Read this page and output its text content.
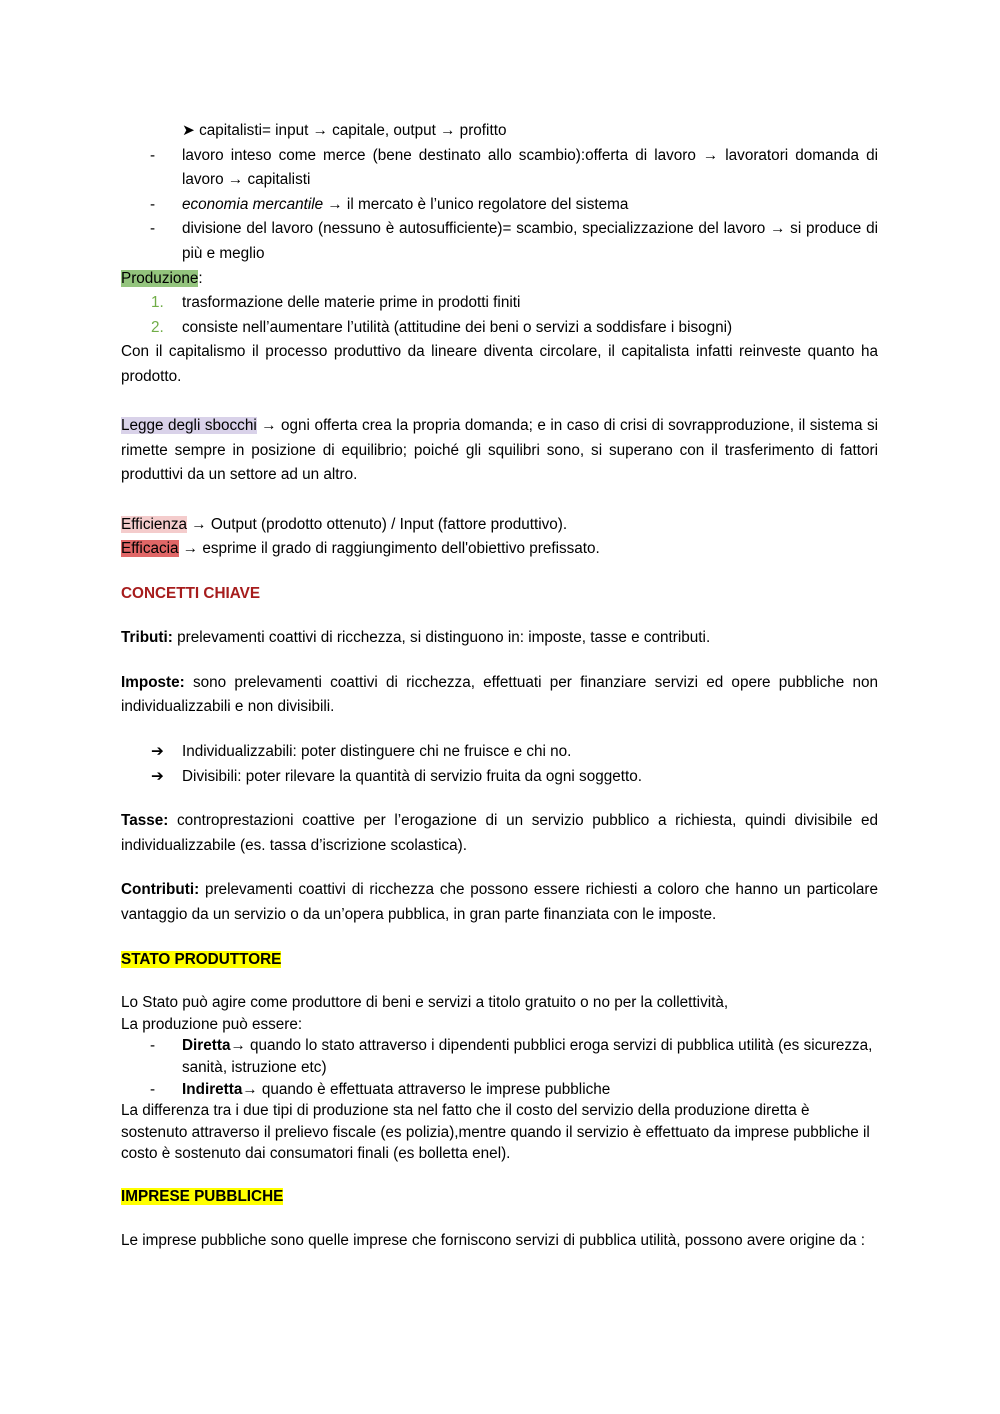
➤ capitalisti= input → capitale, output → profitto

- lavoro inteso come merce (bene destinato allo scambio):offerta di lavoro → lavoratori domanda di lavoro → capitalisti

- economia mercantile → il mercato è l’unico regolatore del sistema

- divisione del lavoro (nessuno è autosufficiente)= scambio, specializzazione del lavoro → si produce di più e meglio

Produzione:

1. trasformazione delle materie prime in prodotti finiti

2. consiste nell’aumentare l’utilità (attitudine dei beni o servizi a soddisfare i bisogni)

Con il capitalismo il processo produttivo da lineare diventa circolare, il capitalista infatti reinveste quanto ha prodotto.

Legge degli sbocchi → ogni offerta crea la propria domanda; e in caso di crisi di sovrapproduzione, il sistema si rimette sempre in posizione di equilibrio; poiché gli squilibri sono, si superano con il trasferimento di fattori produttivi da un settore ad un altro.

Efficienza → Output (prodotto ottenuto) / Input (fattore produttivo).

Efficacia → esprime il grado di raggiungimento dell'obiettivo prefissato.

CONCETTI CHIAVE

Tributi: prelevamenti coattivi di ricchezza, si distinguono in: imposte, tasse e contributi.

Imposte: sono prelevamenti coattivi di ricchezza, effettuati per finanziare servizi ed opere pubbliche non individualizzabili e non divisibili.

➔ Individualizzabili: poter distinguere chi ne fruisce e chi no.

➔ Divisibili: poter rilevare la quantità di servizio fruita da ogni soggetto.

Tasse: controprestazioni coattive per l’erogazione di un servizio pubblico a richiesta, quindi divisibile ed individualizzabile (es. tassa d’iscrizione scolastica).

Contributi: prelevamenti coattivi di ricchezza che possono essere richiesti a coloro che hanno un particolare vantaggio da un servizio o da un’opera pubblica, in gran parte finanziata con le imposte.

STATO PRODUTTORE

Lo Stato può agire come produttore di beni e servizi a titolo gratuito o no per la collettività,

La produzione può essere:

- Diretta→ quando lo stato attraverso i dipendenti pubblici eroga servizi di pubblica utilità (es sicurezza, sanità, istruzione etc)

- Indiretta→ quando è effettuata attraverso le imprese pubbliche

La differenza tra i due tipi di produzione sta nel fatto che il costo del servizio della produzione diretta è sostenuto attraverso il prelievo fiscale (es polizia),mentre quando il servizio è effettuato da imprese pubbliche il costo è sostenuto dai consumatori finali (es bolletta enel).

IMPRESE PUBBLICHE

Le imprese pubbliche sono quelle imprese che forniscono servizi di pubblica utilità, possono avere origine da :
